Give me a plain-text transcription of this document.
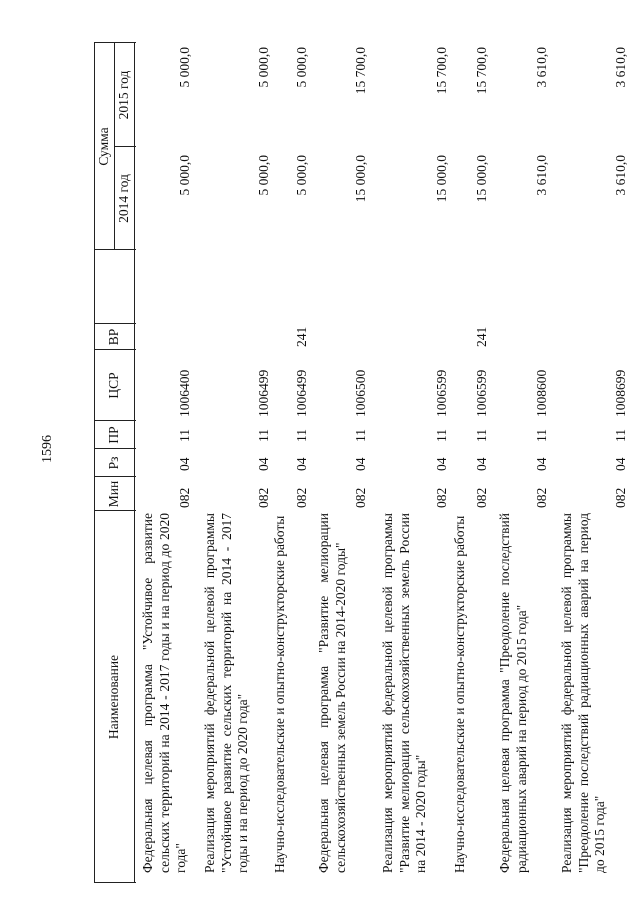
1596
Наименование
Мин
Рз
ПР
ЦСР
ВР
Сумма
2014 год
2015 год
Федеральная целевая программа "Устойчивое развитие сельских территорий на 2014 - 2017 годы и на период до 2020 года"
082
04
11
1006400
5 000,0
5 000,0
Реализация мероприятий федеральной целевой программы "Устойчивое развитие сельских территорий на 2014 - 2017 годы и на период до 2020 года"
082
04
11
1006499
5 000,0
5 000,0
Научно-исследовательские и опытно-конструкторские работы
082
04
11
1006499
241
5 000,0
5 000,0
Федеральная целевая программа "Развитие мелиорации сельскохозяйственных земель России на 2014-2020 годы"
082
04
11
1006500
15 000,0
15 700,0
Реализация мероприятий федеральной целевой программы "Развитие мелиорации сельскохозяйственных земель России на 2014 - 2020 годы"
082
04
11
1006599
15 000,0
15 700,0
Научно-исследовательские и опытно-конструкторские работы
082
04
11
1006599
241
15 000,0
15 700,0
Федеральная целевая программа "Преодоление последствий радиационных аварий на период до 2015 года"
082
04
11
1008600
3 610,0
3 610,0
Реализация мероприятий федеральной целевой программы "Преодоление последствий радиационных аварий на период до 2015 года"
082
04
11
1008699
3 610,0
3 610,0
